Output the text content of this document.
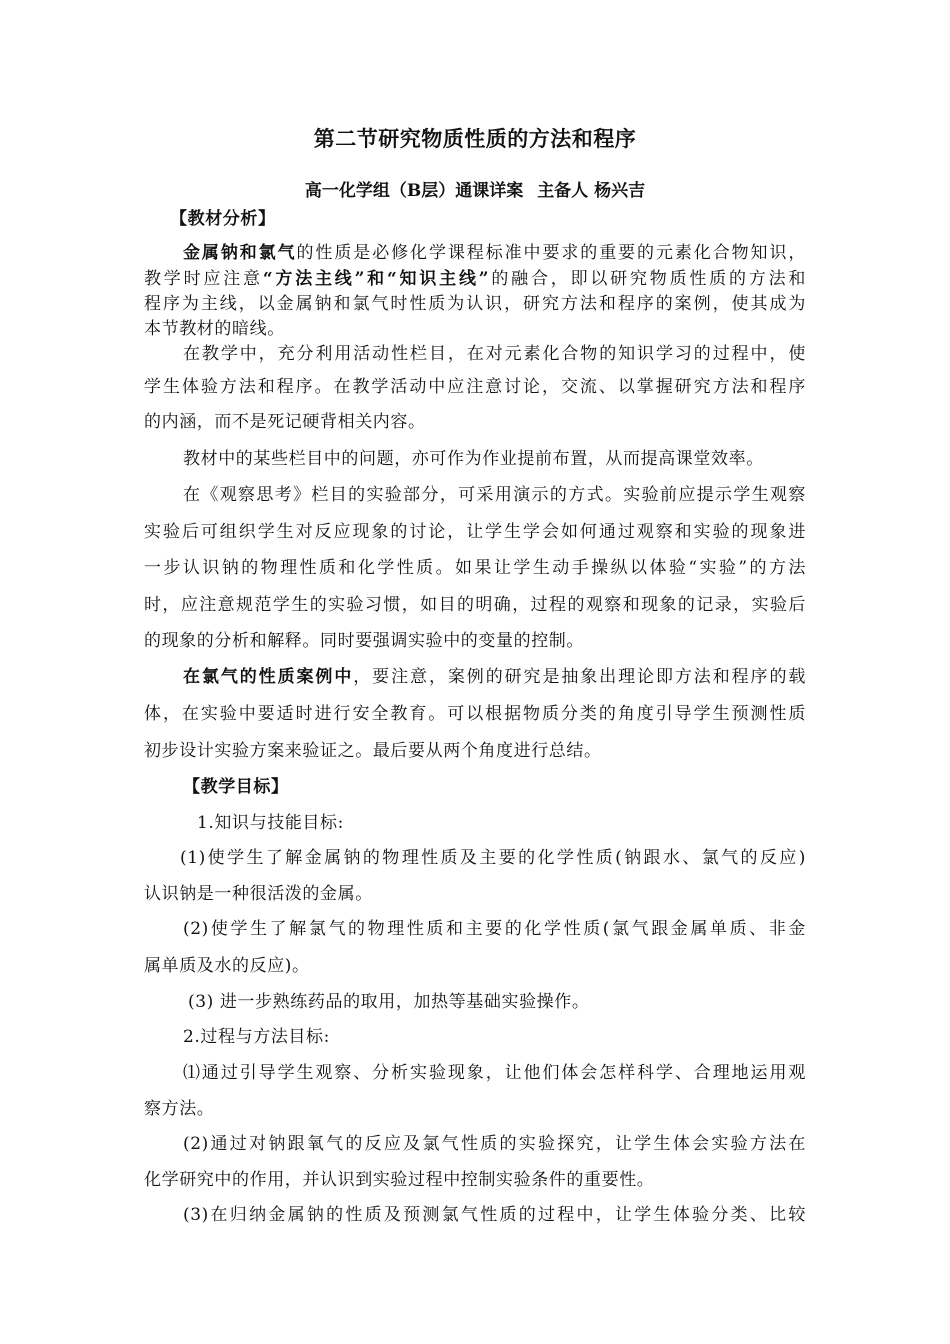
第二节研究物质性质的方法和程序
高一化学组（B层）通课详案 主备人 杨兴吉
【教材分析】
金属钠和氯气的性质是必修化学课程标准中要求的重要的元素化合物知识，
教学时应注意“方法主线”和“知识主线”的融合，即以研究物质性质的方法和
程序为主线，以金属钠和氯气时性质为认识，研究方法和程序的案例，使其成为
本节教材的暗线。
在教学中，充分利用活动性栏目，在对元素化合物的知识学习的过程中，使
学生体验方法和程序。在教学活动中应注意讨论，交流、以掌握研究方法和程序
的内涵，而不是死记硬背相关内容。
教材中的某些栏目中的问题，亦可作为作业提前布置，从而提高课堂效率。
在《观察思考》栏目的实验部分，可采用演示的方式。实验前应提示学生观察
实验后可组织学生对反应现象的讨论，让学生学会如何通过观察和实验的现象进
一步认识钠的物理性质和化学性质。如果让学生动手操纵以体验“实验”的方法
时，应注意规范学生的实验习惯，如目的明确，过程的观察和现象的记录，实验后
的现象的分析和解释。同时要强调实验中的变量的控制。
在氯气的性质案例中，要注意，案例的研究是抽象出理论即方法和程序的载
体，在实验中要适时进行安全教育。可以根据物质分类的角度引导学生预测性质
初步设计实验方案来验证之。最后要从两个角度进行总结。
【教学目标】
1.知识与技能目标:
(1)使学生了解金属钠的物理性质及主要的化学性质(钠跟水、氯气的反应)
认识钠是一种很活泼的金属。
(2)使学生了解氯气的物理性质和主要的化学性质(氯气跟金属单质、非金
属单质及水的反应)。
(3) 进一步熟练药品的取用，加热等基础实验操作。
2.过程与方法目标:
⑴通过引导学生观察、分析实验现象，让他们体会怎样科学、合理地运用观
察方法。
(2)通过对钠跟氧气的反应及氯气性质的实验探究，让学生体会实验方法在
化学研究中的作用，并认识到实验过程中控制实验条件的重要性。
(3)在归纳金属钠的性质及预测氯气性质的过程中，让学生体验分类、比较
